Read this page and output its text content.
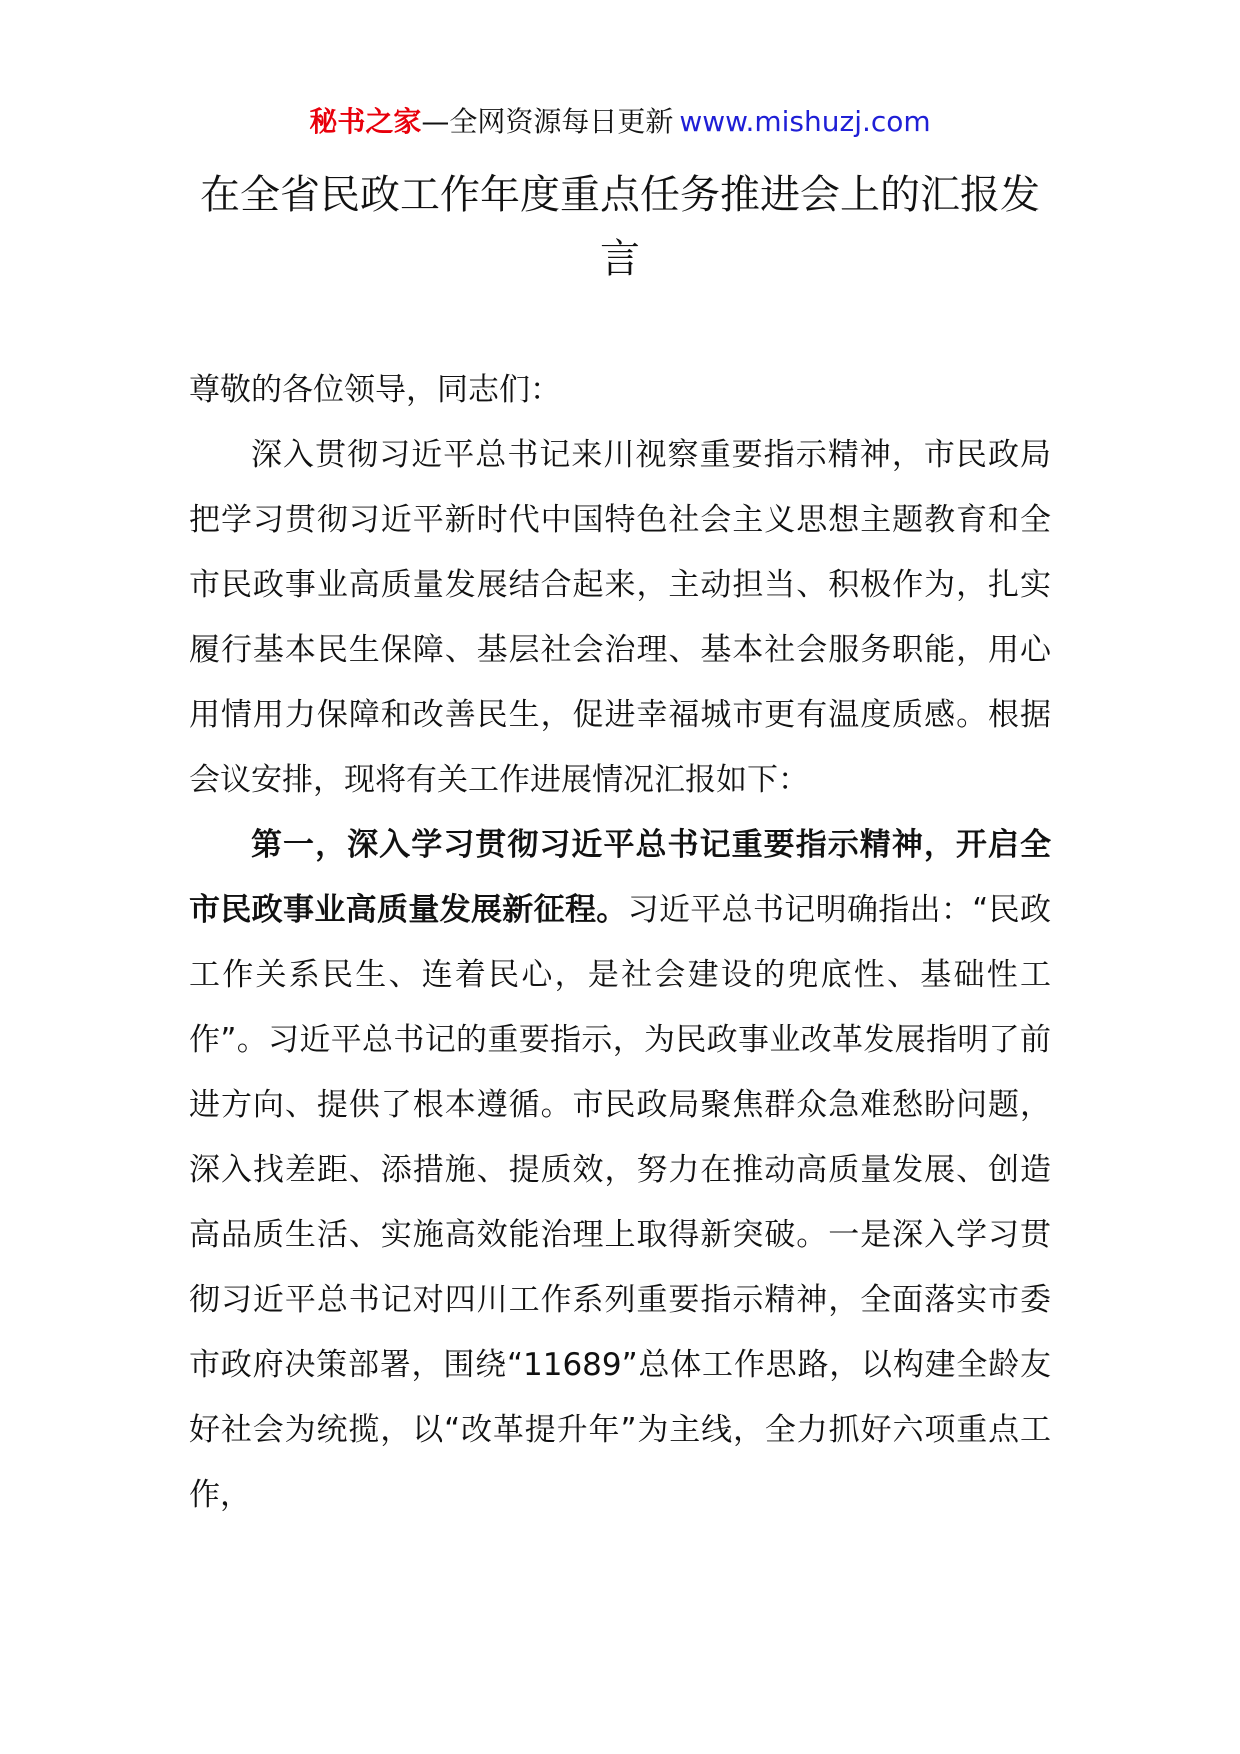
秘书之家—全网资源每日更新 www.mishuzj.com
在全省民政工作年度重点任务推进会上的汇报发言

尊敬的各位领导，同志们：

深入贯彻习近平总书记来川视察重要指示精神，市民政局把学习贯彻习近平新时代中国特色社会主义思想主题教育和全市民政事业高质量发展结合起来，主动担当、积极作为，扎实履行基本民生保障、基层社会治理、基本社会服务职能，用心用情用力保障和改善民生，促进幸福城市更有温度质感。根据会议安排，现将有关工作进展情况汇报如下：

第一，深入学习贯彻习近平总书记重要指示精神，开启全市民政事业高质量发展新征程。习近平总书记明确指出：“民政工作关系民生、连着民心，是社会建设的兜底性、基础性工作”。习近平总书记的重要指示，为民政事业改革发展指明了前进方向、提供了根本遵循。市民政局聚焦群众急难愁盼问题，深入找差距、添措施、提质效，努力在推动高质量发展、创造高品质生活、实施高效能治理上取得新突破。一是深入学习贯彻习近平总书记对四川工作系列重要指示精神，全面落实市委市政府决策部署，围绕“11689”总体工作思路，以构建全龄友好社会为统揽，以“改革提升年”为主线，全力抓好六项重点工作，
